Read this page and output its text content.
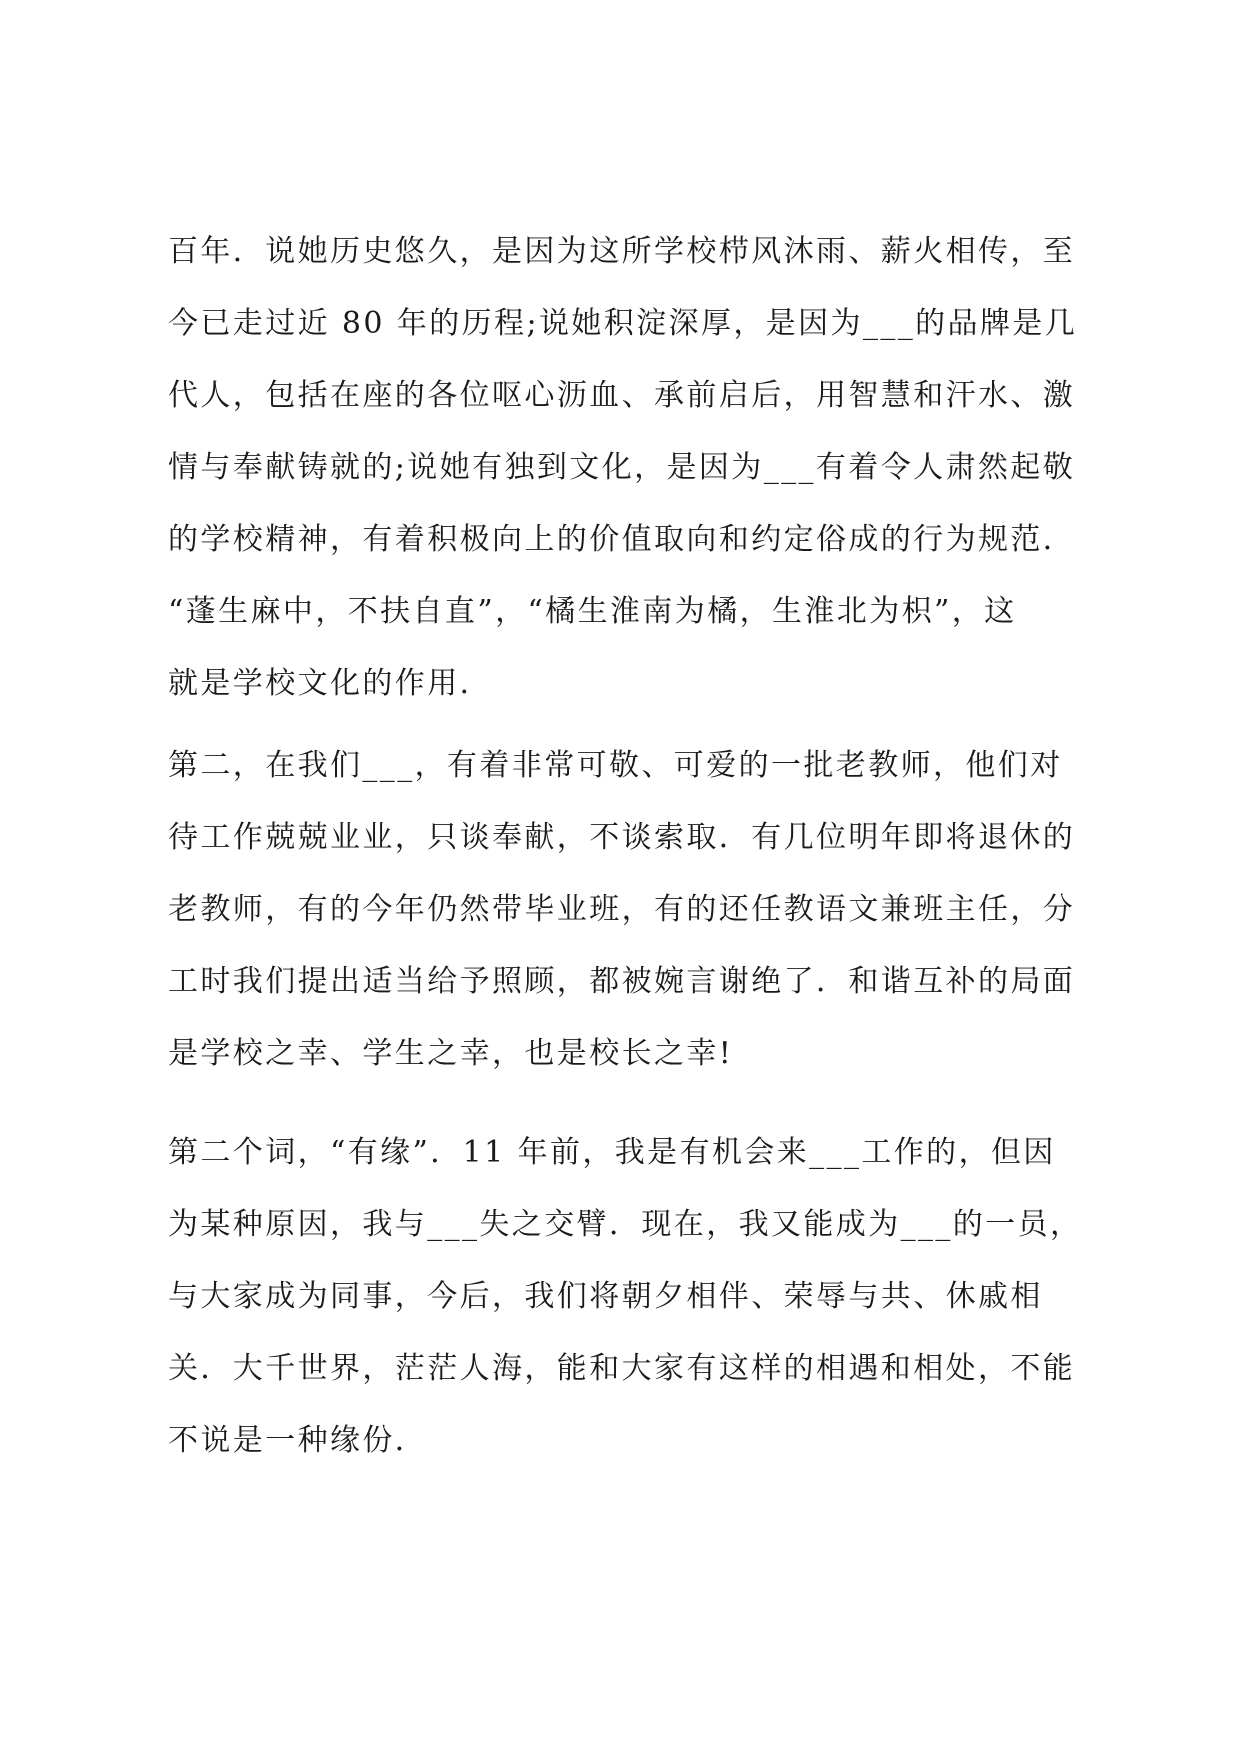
百年．说她历史悠久，是因为这所学校栉风沐雨、薪火相传，至
今已走过近 80 年的历程;说她积淀深厚，是因为___的品牌是几
代人，包括在座的各位呕心沥血、承前启后，用智慧和汗水、激
情与奉献铸就的;说她有独到文化，是因为___有着令人肃然起敬
的学校精神，有着积极向上的价值取向和约定俗成的行为规范．
“蓬生麻中，不扶自直”，“橘生淮南为橘，生淮北为枳”，这
就是学校文化的作用．
第二，在我们___，有着非常可敬、可爱的一批老教师，他们对
待工作兢兢业业，只谈奉献，不谈索取．有几位明年即将退休的
老教师，有的今年仍然带毕业班，有的还任教语文兼班主任，分
工时我们提出适当给予照顾，都被婉言谢绝了．和谐互补的局面
是学校之幸、学生之幸，也是校长之幸!
第二个词，“有缘”．11 年前，我是有机会来___工作的，但因
为某种原因，我与___失之交臂．现在，我又能成为___的一员，
与大家成为同事，今后，我们将朝夕相伴、荣辱与共、休戚相
关．大千世界，茫茫人海，能和大家有这样的相遇和相处，不能
不说是一种缘份．
